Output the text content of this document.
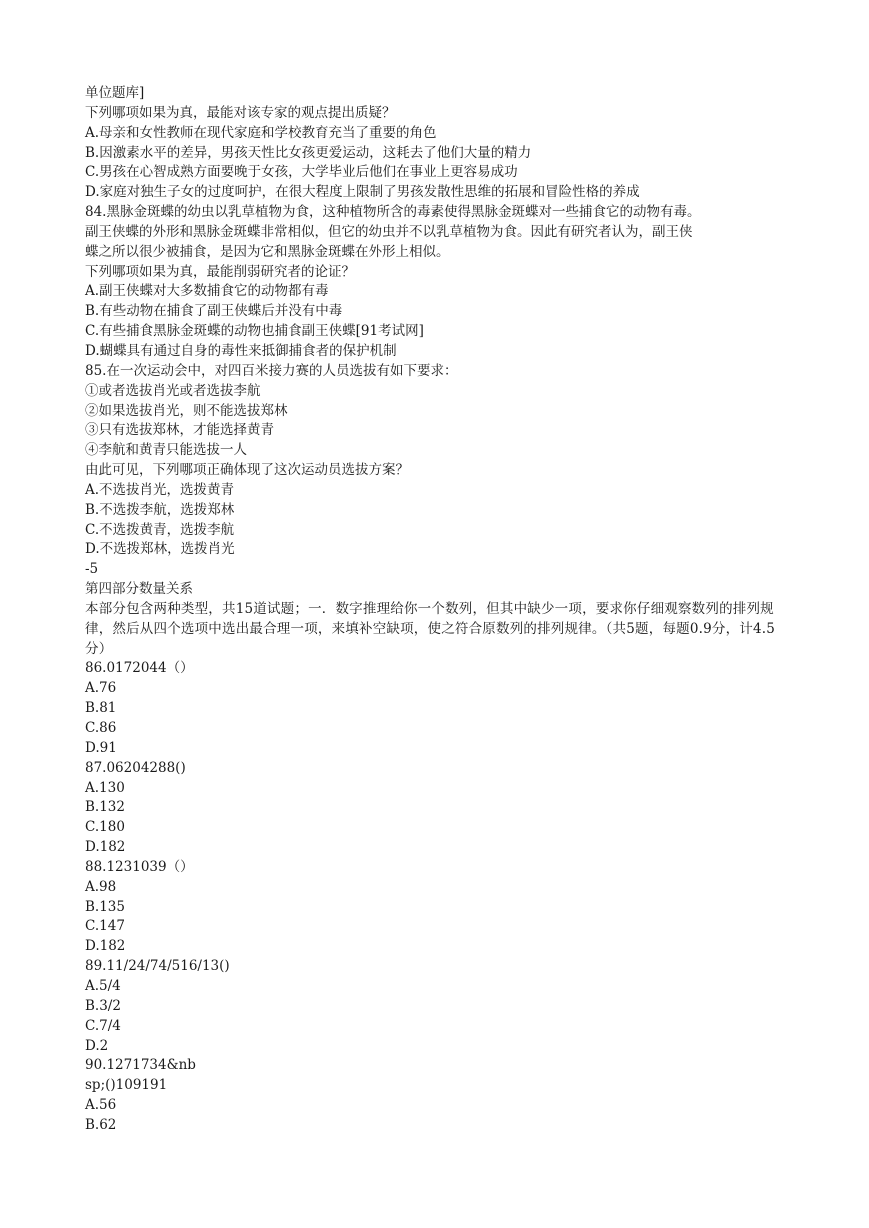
单位题库]
下列哪项如果为真，最能对该专家的观点提出质疑？
A.母亲和女性教师在现代家庭和学校教育充当了重要的角色
B.因激素水平的差异，男孩天性比女孩更爱运动，这耗去了他们大量的精力
C.男孩在心智成熟方面要晚于女孩，大学毕业后他们在事业上更容易成功
D.家庭对独生子女的过度呵护，在很大程度上限制了男孩发散性思维的拓展和冒险性格的养成
84.黑脉金斑蝶的幼虫以乳草植物为食，这种植物所含的毒素使得黑脉金斑蝶对一些捕食它的动物有毒。
副王侠蝶的外形和黑脉金斑蝶非常相似，但它的幼虫并不以乳草植物为食。因此有研究者认为，副王侠
蝶之所以很少被捕食，是因为它和黑脉金斑蝶在外形上相似。
下列哪项如果为真，最能削弱研究者的论证？
A.副王侠蝶对大多数捕食它的动物都有毒
B.有些动物在捕食了副王侠蝶后并没有中毒
C.有些捕食黑脉金斑蝶的动物也捕食副王侠蝶[91考试网]
D.蝴蝶具有通过自身的毒性来抵御捕食者的保护机制
85.在一次运动会中，对四百米接力赛的人员选拔有如下要求：
①或者选拔肖光或者选拔李航
②如果选拔肖光，则不能选拔郑林
③只有选拔郑林，才能选择黄青
④李航和黄青只能选拔一人
由此可见，下列哪项正确体现了这次运动员选拔方案？
A.不选拔肖光，选拨黄青
B.不选拨李航，选拨郑林
C.不选拨黄青，选拨李航
D.不选拨郑林，选拨肖光
-5
第四部分数量关系
本部分包含两种类型，共15道试题；一．数字推理给你一个数列，但其中缺少一项，要求你仔细观察数列的排列规律，然后从四个选项中选出最合理一项，来填补空缺项，使之符合原数列的排列规律。（共5题，每题0.9分，计4.5分）
86.0172044（）
A.76
B.81
C.86
D.91
87.06204288()
A.130
B.132
C.180
D.182
88.1231039（）
A.98
B.135
C.147
D.182
89.11/24/74/516/13()
A.5/4
B.3/2
C.7/4
D.2
90.1271734&nb
sp;()109191
A.56
B.62
